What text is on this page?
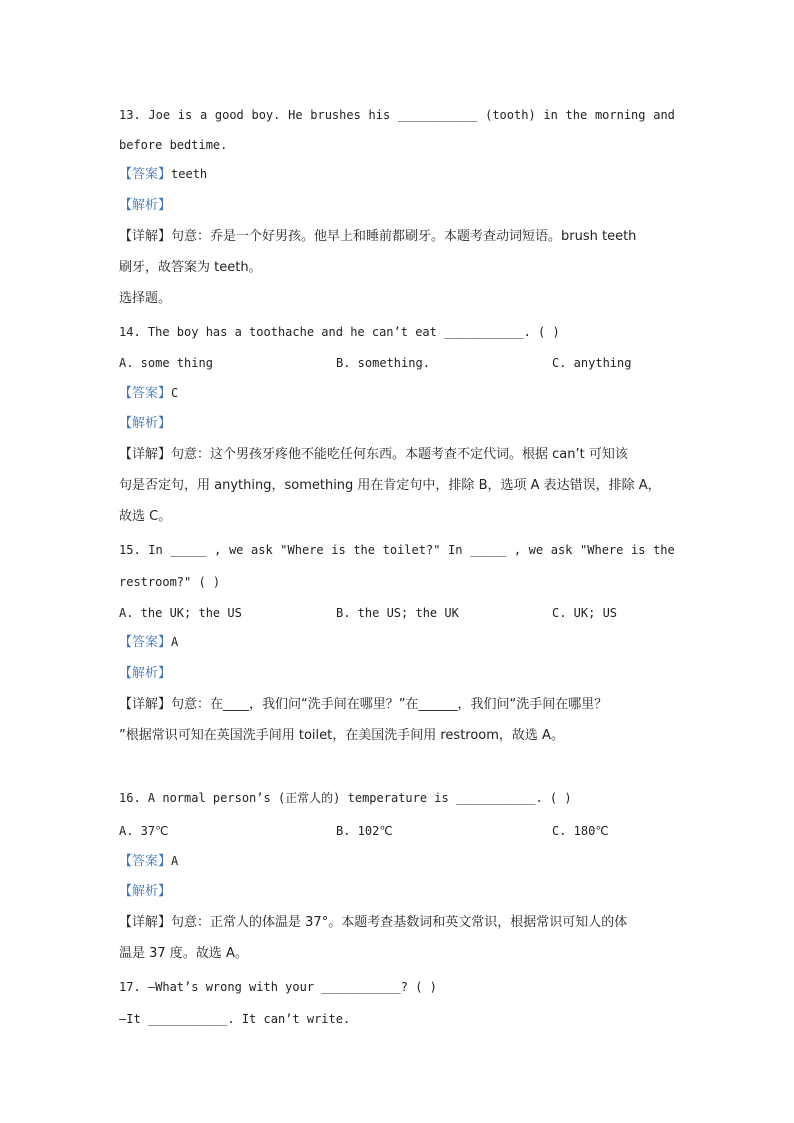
13. Joe is a good boy. He brushes his ___________ (tooth) in the morning and
before bedtime.
【答案】teeth
【解析】
【详解】句意：乔是一个好男孩。他早上和睡前都刷牙。本题考查动词短语。brush teeth
刷牙，故答案为 teeth。
选择题。
14. The boy has a toothache and he can’t eat ___________. ( )
A. some thing	B. something.	C. anything
【答案】C
【解析】
【详解】句意：这个男孩牙疼他不能吃任何东西。本题考查不定代词。根据 can’t 可知该
句是否定句，用 anything，something 用在肯定句中，排除 B，选项 A 表达错误，排除 A，
故选 C。
15. In _____ , we ask "Where is the toilet?" In _____ , we ask "Where is the
restroom?" ( )
A. the UK; the US	B. the US; the UK	C. UK; US
【答案】A
【解析】
【详解】句意：在____，我们问“洗手间在哪里？”在______，我们问“洗手间在哪里？
”根据常识可知在英国洗手间用 toilet，在美国洗手间用 restroom，故选 A。
16. A normal person’s (正常人的) temperature is ___________. ( )
A. 37℃	B. 102℃	C. 180℃
【答案】A
【解析】
【详解】句意：正常人的体温是 37°。本题考查基数词和英文常识，根据常识可知人的体
温是 37 度。故选 A。
17. —What’s wrong with your ___________? ( )
—It ___________. It can’t write.
